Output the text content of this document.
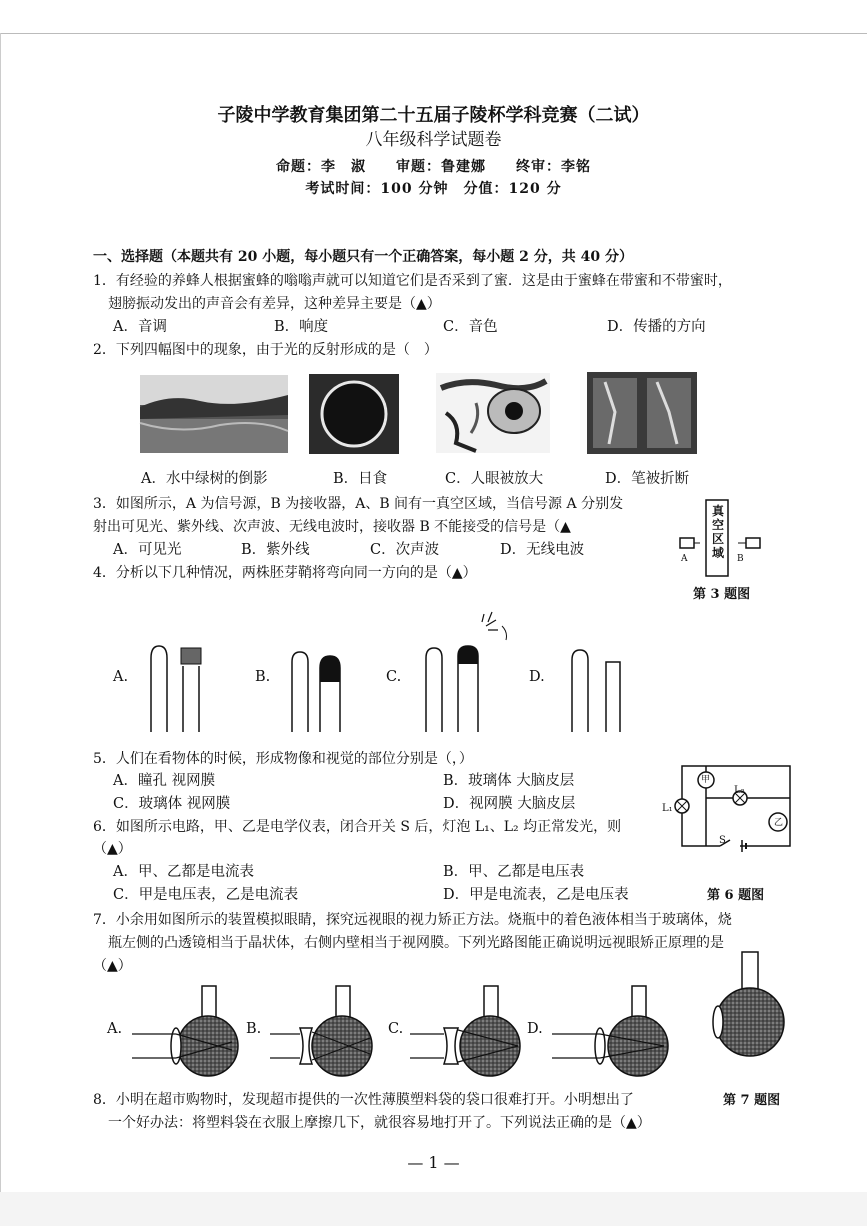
子陵中学教育集团第二十五届子陵杯学科竞赛（二试）
八年级科学试题卷
命题：李　淑　　审题：鲁建娜　　终审：李铭
考试时间：100 分钟　分值：120 分
一、选择题（本题共有 20 小题，每小题只有一个正确答案，每小题 2 分，共 40 分）
1．有经验的养蜂人根据蜜蜂的嗡嗡声就可以知道它们是否采到了蜜．这是由于蜜蜂在带蜜和不带蜜时，
翅膀振动发出的声音会有差异，这种差异主要是（▲）
A．音调	B．响度	C．音色	D．传播的方向
2．下列四幅图中的现象，由于光的反射形成的是（　）
A．水中绿树的倒影	B．日食	C．人眼被放大	D．笔被折断
3．如图所示，A 为信号源，B 为接收器，A、B 间有一真空区域，当信号源 A 分别发
射出可见光、紫外线、次声波、无线电波时，接收器 B 不能接受的信号是（▲
A．可见光	B．紫外线	C．次声波	D．无线电波
真空区域
A	B
第 3 题图
4．分析以下几种情况，两株胚芽鞘将弯向同一方向的是（▲）
A.	B.	C.	D.
5．人们在看物体的时候，形成物像和视觉的部位分别是（，）
A．瞳孔 视网膜	B．玻璃体 大脑皮层
C．玻璃体 视网膜	D．视网膜 大脑皮层
甲
乙
L₁
L₂
S
6．如图所示电路，甲、乙是电学仪表，闭合开关 S 后，灯泡 L₁、L₂ 均正常发光，则
（▲）
A．甲、乙都是电流表	B．甲、乙都是电压表
C．甲是电压表，乙是电流表	D．甲是电流表，乙是电压表	第 6 题图
7．小余用如图所示的装置模拟眼睛，探究远视眼的视力矫正方法。烧瓶中的着色液体相当于玻璃体，烧
瓶左侧的凸透镜相当于晶状体，右侧内壁相当于视网膜。下列光路图能正确说明远视眼矫正原理的是
（▲）
A.	B.	C.	D.
第 7 题图
8．小明在超市购物时，发现超市提供的一次性薄膜塑料袋的袋口很难打开。小明想出了
一个好办法：将塑料袋在衣服上摩擦几下，就很容易地打开了。下列说法正确的是（▲）
— 1 —
